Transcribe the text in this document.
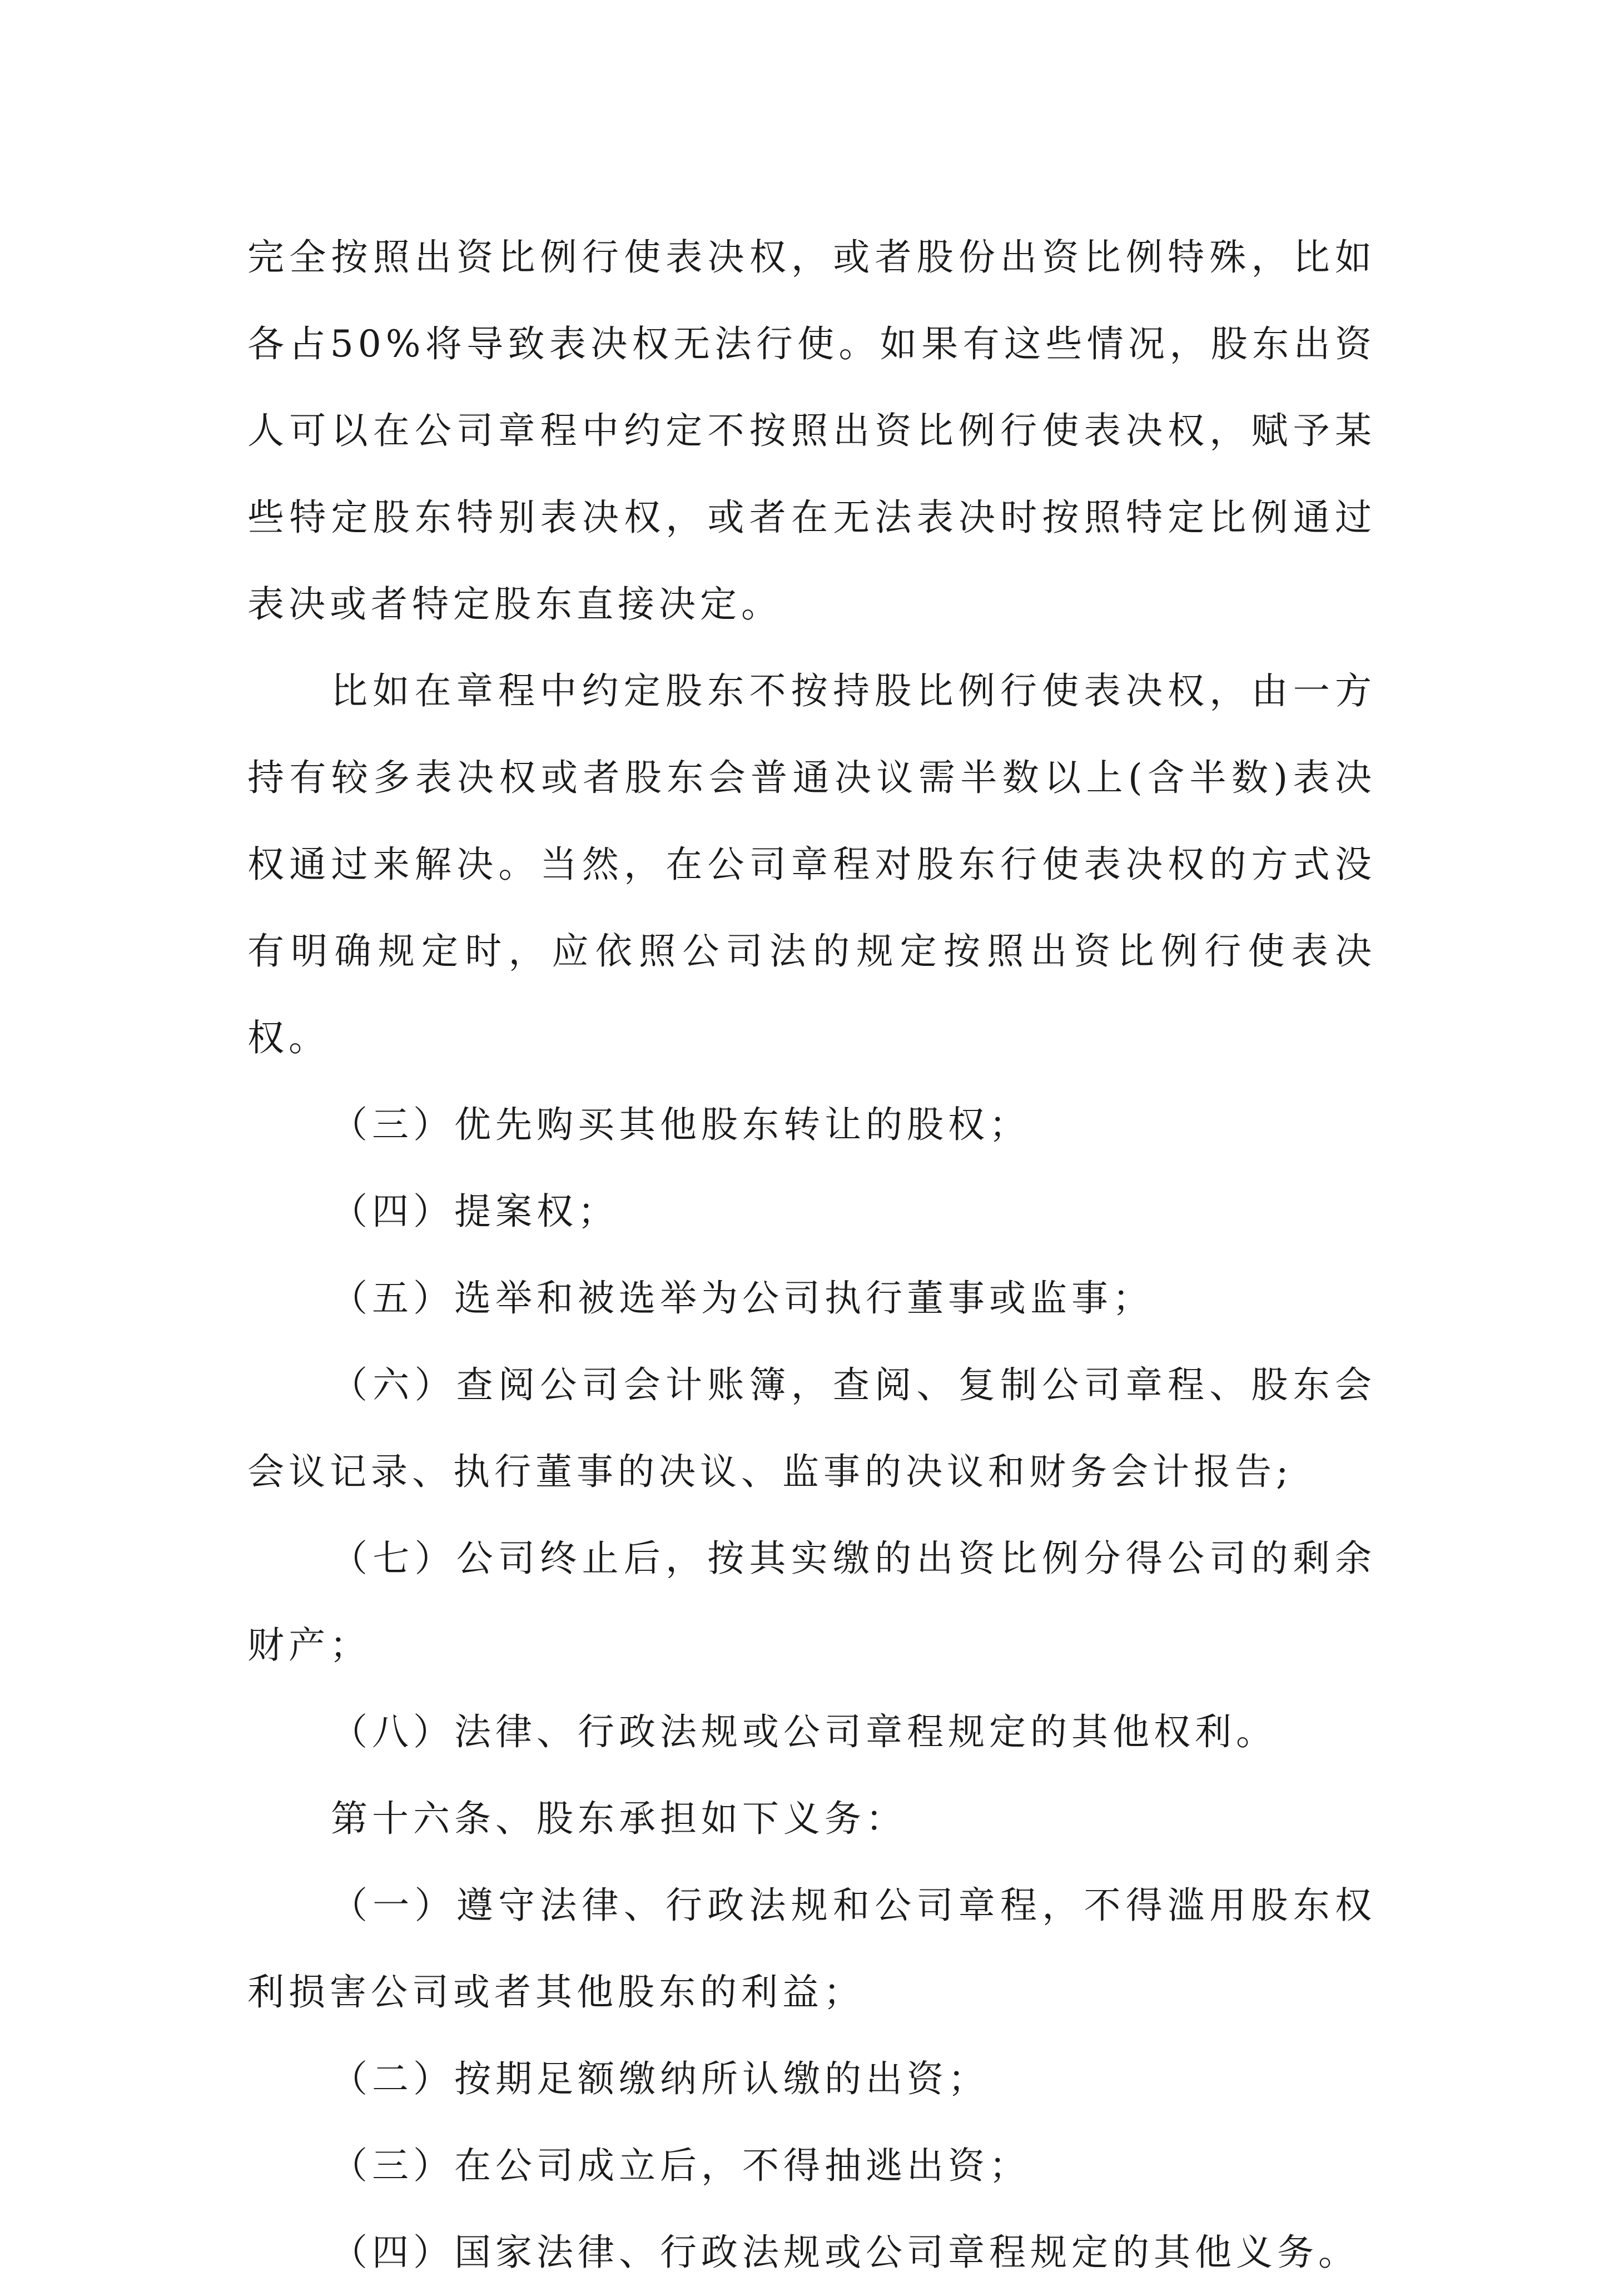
完全按照出资比例行使表决权，或者股份出资比例特殊，比如各占50%将导致表决权无法行使。如果有这些情况，股东出资人可以在公司章程中约定不按照出资比例行使表决权，赋予某些特定股东特别表决权，或者在无法表决时按照特定比例通过表决或者特定股东直接决定。

比如在章程中约定股东不按持股比例行使表决权，由一方持有较多表决权或者股东会普通决议需半数以上(含半数)表决权通过来解决。当然，在公司章程对股东行使表决权的方式没有明确规定时，应依照公司法的规定按照出资比例行使表决权。

（三）优先购买其他股东转让的股权；

（四）提案权；

（五）选举和被选举为公司执行董事或监事；

（六）查阅公司会计账簿，查阅、复制公司章程、股东会会议记录、执行董事的决议、监事的决议和财务会计报告;

（七）公司终止后，按其实缴的出资比例分得公司的剩余财产；

（八）法律、行政法规或公司章程规定的其他权利。

第十六条、股东承担如下义务：

（一）遵守法律、行政法规和公司章程，不得滥用股东权利损害公司或者其他股东的利益；

（二）按期足额缴纳所认缴的出资；

（三）在公司成立后，不得抽逃出资；

（四）国家法律、行政法规或公司章程规定的其他义务。
